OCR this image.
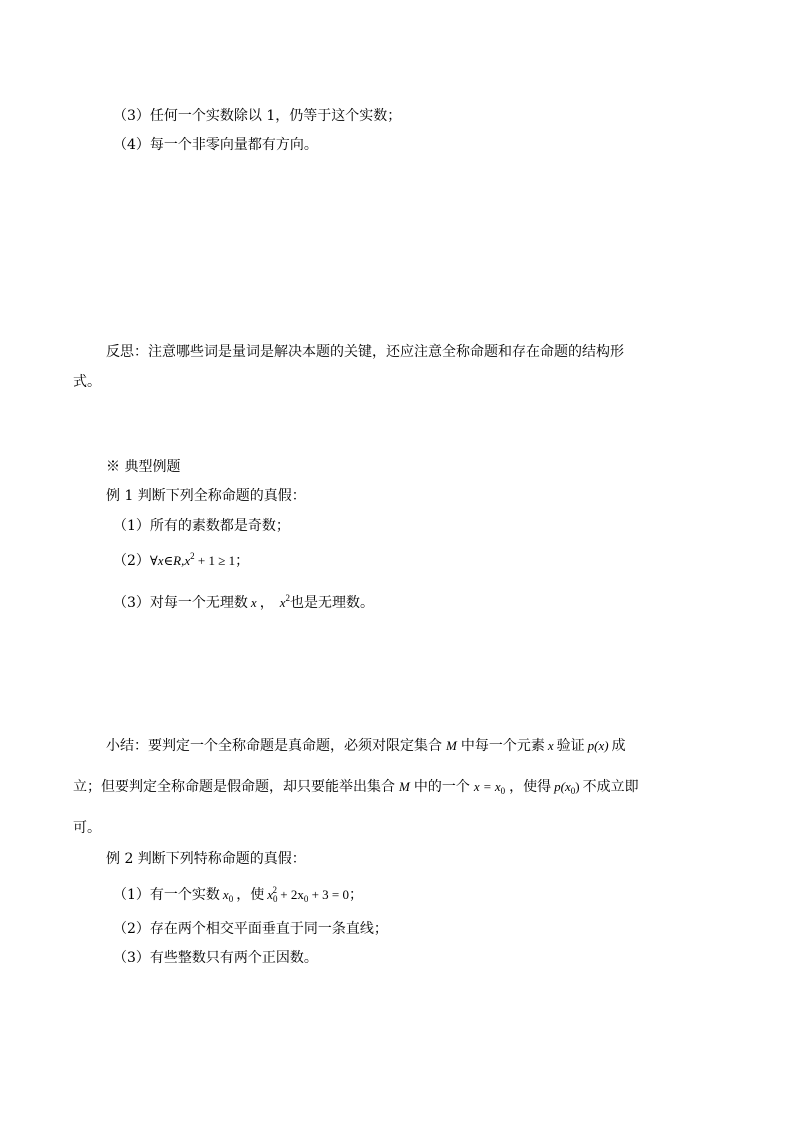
（3）任何一个实数除以 1，仍等于这个实数；
（4）每一个非零向量都有方向。
反思：注意哪些词是量词是解决本题的关键，还应注意全称命题和存在命题的结构形
式。
※ 典型例题
例 1 判断下列全称命题的真假：
（1）所有的素数都是奇数；
$(2)\forall x\in R,x^2 + 1 \ge 1$；
（3）对每一个无理数 x ， $x^2$也是无理数。
小结：要判定一个全称命题是真命题，必须对限定集合 M 中每一个元素 x 验证 p(x) 成
立；但要判定全称命题是假命题，却只要能举出集合 M 中的一个 $x = x_0$ ，使得 $p(x_0)$ 不成立即
可。
例 2 判断下列特称命题的真假：
（1）有一个实数 $x_0$ ，使 $x_0^2 + 2x_0 + 3 = 0$；
（2）存在两个相交平面垂直于同一条直线；
（3）有些整数只有两个正因数。
